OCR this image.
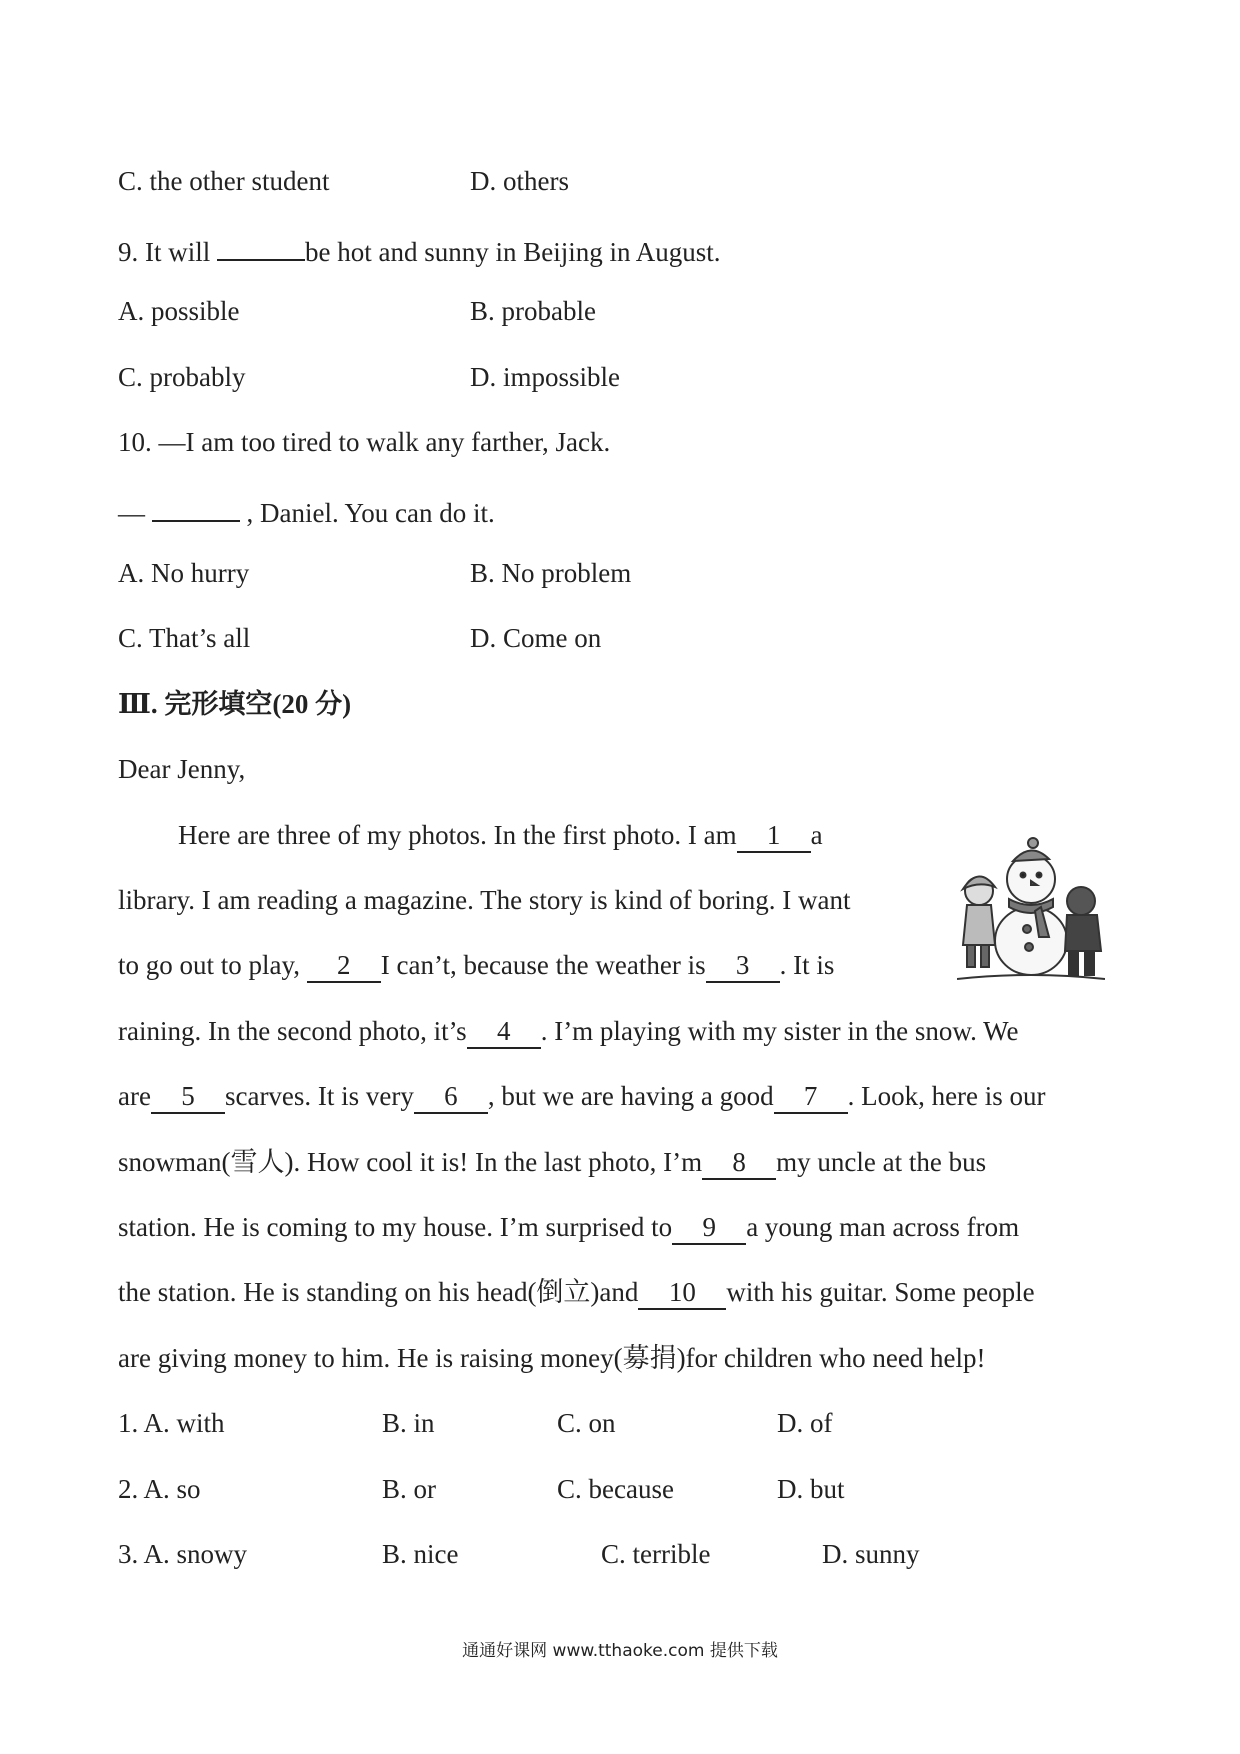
C. the other student	D. others
9. It will	be hot and sunny in Beijing in August.
A. possible	B. probable
C. probably	D. impossible
10. —I am too tired to walk any farther, Jack.
—	, Daniel. You can do it.
A. No hurry	B. No problem
C. That’s all	D. Come on
Ⅲ. 完形填空(20 分)
Dear Jenny,
Here are three of my photos. In the first photo. I am 1 a
library. I am reading a magazine. The story is kind of boring. I want
to go out to play, 2 I can’t, because the weather is 3 . It is
raining. In the second photo, it’s 4 . I’m playing with my sister in the snow. We
are 5 scarves. It is very 6 , but we are having a good 7 . Look, here is our
snowman(雪人). How cool it is! In the last photo, I’m 8 my uncle at the bus
station. He is coming to my house. I’m surprised to 9 a young man across from
the station. He is standing on his head(倒立)and 10 with his guitar. Some people
are giving money to him. He is raising money(募捐)for children who need help!
1. A. with	B. in	C. on	D. of
2. A. so	B. or	C. because	D. but
3. A. snowy	B. nice	C. terrible	D. sunny
通通好课网 www.tthaoke.com 提供下载
